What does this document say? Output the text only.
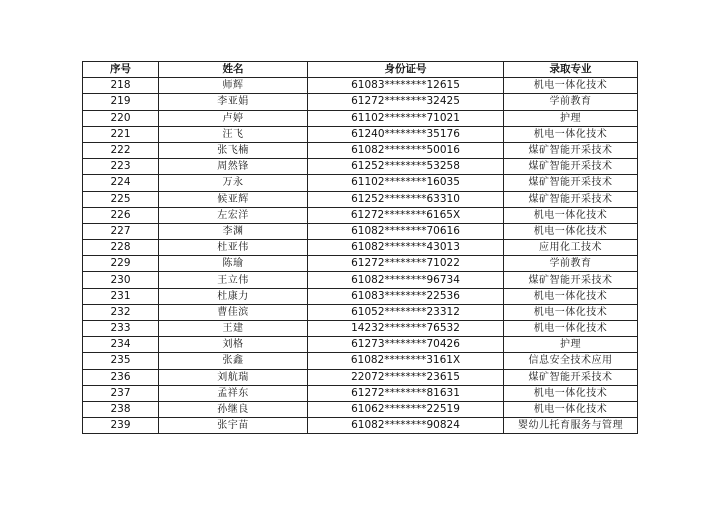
序号	姓名	身份证号	录取专业
218	师辉	61083********12615	机电一体化技术
219	李亚娟	61272********32425	学前教育
220	卢婷	61102********71021	护理
221	汪飞	61240********35176	机电一体化技术
222	张飞楠	61082********50016	煤矿智能开采技术
223	周然锋	61252********53258	煤矿智能开采技术
224	万永	61102********16035	煤矿智能开采技术
225	候亚辉	61252********63310	煤矿智能开采技术
226	左宏洋	61272********6165X	机电一体化技术
227	李渊	61082********70616	机电一体化技术
228	杜亚伟	61082********43013	应用化工技术
229	陈瑜	61272********71022	学前教育
230	王立伟	61082********96734	煤矿智能开采技术
231	杜康力	61083********22536	机电一体化技术
232	曹佳滨	61052********23312	机电一体化技术
233	王建	14232********76532	机电一体化技术
234	刘格	61273********70426	护理
235	张鑫	61082********3161X	信息安全技术应用
236	刘航瑞	22072********23615	煤矿智能开采技术
237	孟祥东	61272********81631	机电一体化技术
238	孙继良	61062********22519	机电一体化技术
239	张宇苗	61082********90824	婴幼儿托育服务与管理
